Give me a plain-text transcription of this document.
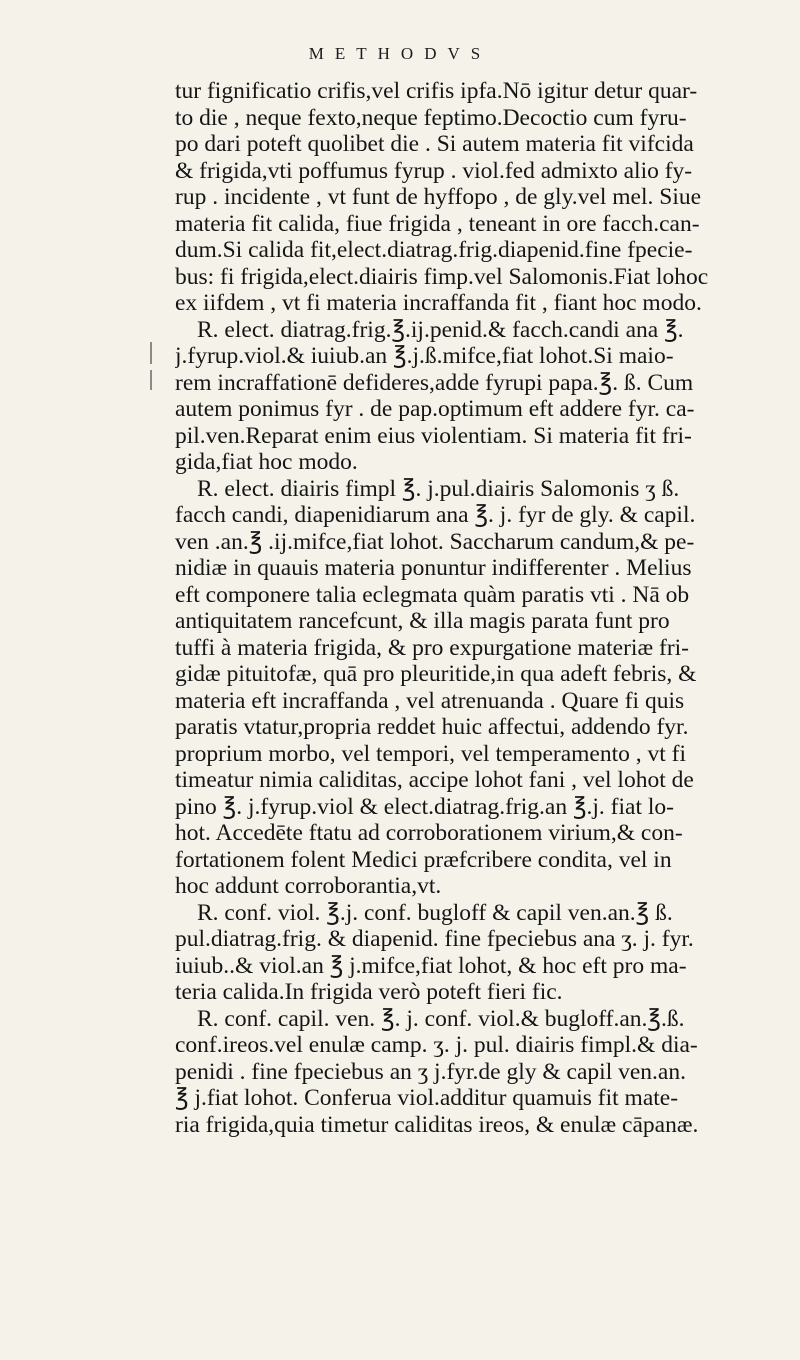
METHODVS
tur fignificatio crifis,vel crifis ipfa.Nō igitur detur quar-
to die , neque fexto,neque feptimo.Decoctio cum fyru-
po dari poteft quolibet die . Si autem materia fit vifcida
& frigida,vti poffumus fyrup . viol.fed admixto alio fy-
rup . incidente , vt funt de hyffopo , de gly.vel mel. Siue
materia fit calida, fiue frigida , teneant in ore facch.can-
dum.Si calida fit,elect.diatrag.frig.diapenid.fine fpecie-
bus: fi frigida,elect.diairis fimp.vel Salomonis.Fiat lohoc
ex iifdem , vt fi materia incraffanda fit , fiant hoc modo.
R. elect. diatrag.frig.℥.ij.penid.& facch.candi ana ℥.
j.fyrup.viol.& iuiub.an ℥.j.ß.mifce,fiat lohot.Si maio-
rem incraffationē defideres,adde fyrupi papa.℥. ß. Cum
autem ponimus fyr . de pap.optimum eft addere fyr. ca-
pil.ven.Reparat enim eius violentiam. Si materia fit fri-
gida,fiat hoc modo.
R. elect. diairis fimpl ℥. j.pul.diairis Salomonis ʒ ß.
facch candi, diapenidiarum ana ℥. j. fyr de gly. & capil.
ven .an.℥ .ij.mifce,fiat lohot. Saccharum candum,& pe-
nidiæ in quauis materia ponuntur indifferenter . Melius
eft componere talia eclegmata quàm paratis vti . Nā ob
antiquitatem rancefcunt, & illa magis parata funt pro
tuffi à materia frigida, & pro expurgatione materiæ fri-
gidæ pituitofæ, quā pro pleuritide,in qua adeft febris, &
materia eft incraffanda , vel atrenuanda . Quare fi quis
paratis vtatur,propria reddet huic affectui, addendo fyr.
proprium morbo, vel tempori, vel temperamento , vt fi
timeatur nimia caliditas, accipe lohot fani , vel lohot de
pino ℥. j.fyrup.viol & elect.diatrag.frig.an ℥.j. fiat lo-
hot. Accedēte ftatu ad corroborationem virium,& con-
fortationem folent Medici præfcribere condita, vel in
hoc addunt corroborantia,vt.
R. conf. viol. ℥.j. conf. bugloff & capil ven.an.℥ ß.
pul.diatrag.frig. & diapenid. fine fpeciebus ana ʒ. j. fyr.
iuiub..& viol.an ℥ j.mifce,fiat lohot, & hoc eft pro ma-
teria calida.In frigida verò poteft fieri fic.
R. conf. capil. ven. ℥. j. conf. viol.& bugloff.an.℥.ß.
conf.ireos.vel enulæ camp. ʒ. j. pul. diairis fimpl.& dia-
penidi . fine fpeciebus an ʒ j.fyr.de gly & capil ven.an.
℥ j.fiat lohot. Conferua viol.additur quamuis fit mate-
ria frigida,quia timetur caliditas ireos, & enulæ cāpanæ.
